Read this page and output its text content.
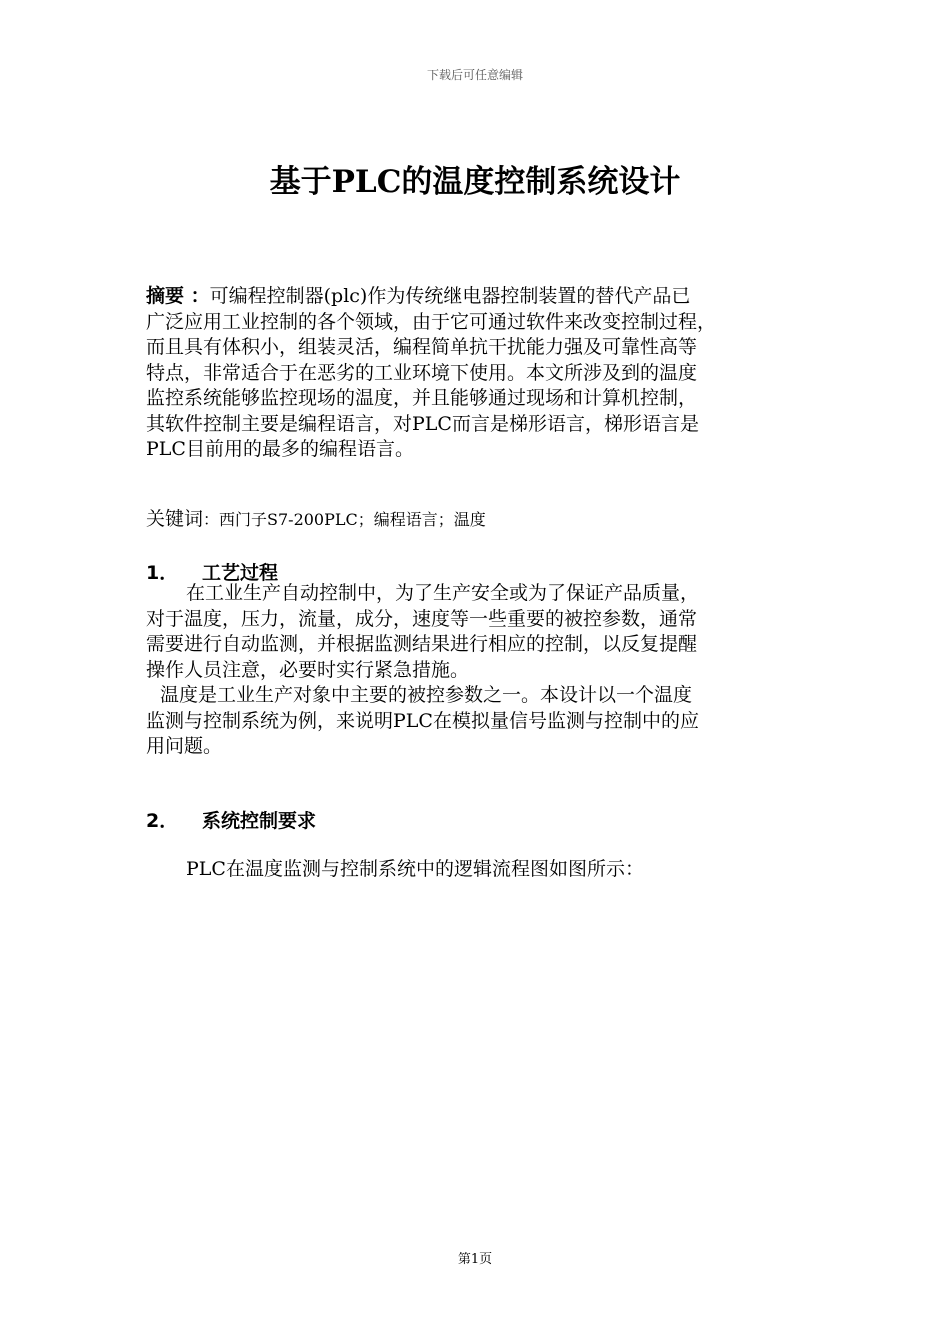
下载后可任意编辑
基于PLC的温度控制系统设计
摘要 ：可编程控制器(plc)作为传统继电器控制装置的替代产品已
广泛应用工业控制的各个领域，由于它可通过软件来改变控制过程，
而且具有体积小，组装灵活，编程简单抗干扰能力强及可靠性高等
特点，非常适合于在恶劣的工业环境下使用。本文所涉及到的温度
监控系统能够监控现场的温度，并且能够通过现场和计算机控制，
其软件控制主要是编程语言，对PLC而言是梯形语言，梯形语言是
PLC目前用的最多的编程语言。
关键词：西门子S7-200PLC；编程语言；温度
1． 工艺过程
在工业生产自动控制中，为了生产安全或为了保证产品质量，
对于温度，压力，流量，成分，速度等一些重要的被控参数，通常
需要进行自动监测，并根据监测结果进行相应的控制，以反复提醒
操作人员注意，必要时实行紧急措施。
温度是工业生产对象中主要的被控参数之一。本设计以一个温度
监测与控制系统为例，来说明PLC在模拟量信号监测与控制中的应
用问题。
2． 系统控制要求
PLC在温度监测与控制系统中的逻辑流程图如图所示：
第1页
